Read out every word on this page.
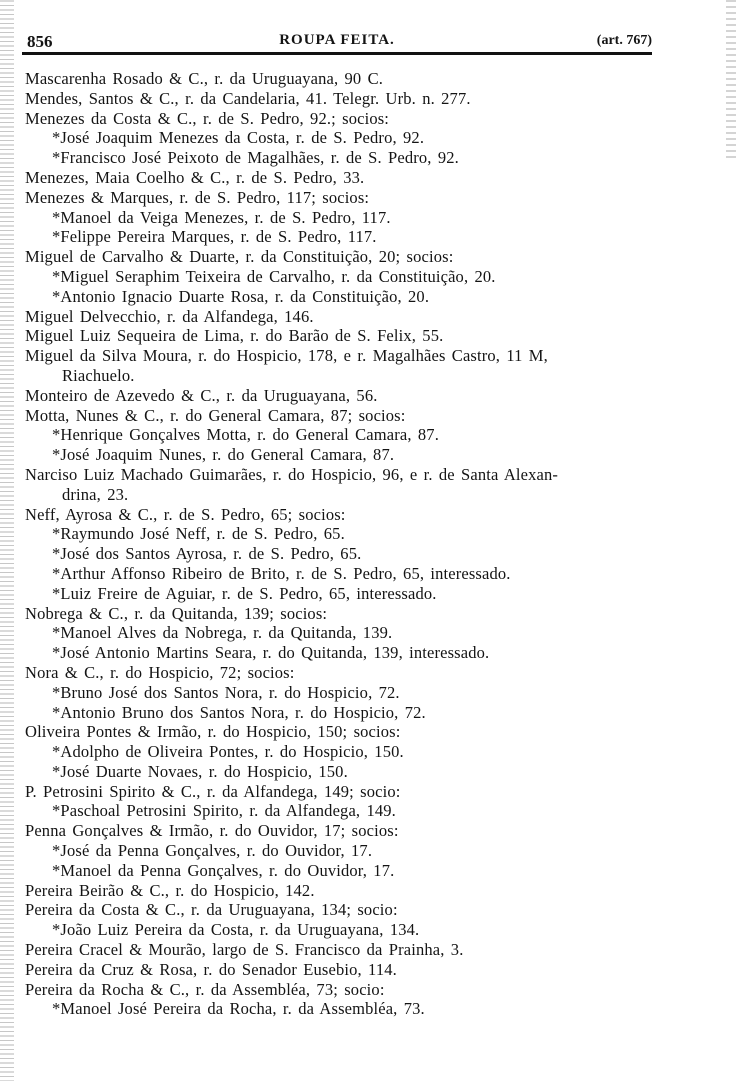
856	ROUPA FEITA.	(art. 767)
Mascarenha Rosado & C., r. da Uruguayana, 90 C.
Mendes, Santos & C., r. da Candelaria, 41. Telegr. Urb. n. 277.
Menezes da Costa & C., r. de S. Pedro, 92.; socios:
*José Joaquim Menezes da Costa, r. de S. Pedro, 92.
*Francisco José Peixoto de Magalhães, r. de S. Pedro, 92.
Menezes, Maia Coelho & C., r. de S. Pedro, 33.
Menezes & Marques, r. de S. Pedro, 117; socios:
*Manoel da Veiga Menezes, r. de S. Pedro, 117.
*Felippe Pereira Marques, r. de S. Pedro, 117.
Miguel de Carvalho & Duarte, r. da Constituição, 20; socios:
*Miguel Seraphim Teixeira de Carvalho, r. da Constituição, 20.
*Antonio Ignacio Duarte Rosa, r. da Constituição, 20.
Miguel Delvecchio, r. da Alfandega, 146.
Miguel Luiz Sequeira de Lima, r. do Barão de S. Felix, 55.
Miguel da Silva Moura, r. do Hospicio, 178, e r. Magalhães Castro, 11 M,
Riachuelo.
Monteiro de Azevedo & C., r. da Uruguayana, 56.
Motta, Nunes & C., r. do General Camara, 87; socios:
*Henrique Gonçalves Motta, r. do General Camara, 87.
*José Joaquim Nunes, r. do General Camara, 87.
Narciso Luiz Machado Guimarães, r. do Hospicio, 96, e r. de Santa Alexan-
drina, 23.
Neff, Ayrosa & C., r. de S. Pedro, 65; socios:
*Raymundo José Neff, r. de S. Pedro, 65.
*José dos Santos Ayrosa, r. de S. Pedro, 65.
*Arthur Affonso Ribeiro de Brito, r. de S. Pedro, 65, interessado.
*Luiz Freire de Aguiar, r. de S. Pedro, 65, interessado.
Nobrega & C., r. da Quitanda, 139; socios:
*Manoel Alves da Nobrega, r. da Quitanda, 139.
*José Antonio Martins Seara, r. do Quitanda, 139, interessado.
Nora & C., r. do Hospicio, 72; socios:
*Bruno José dos Santos Nora, r. do Hospicio, 72.
*Antonio Bruno dos Santos Nora, r. do Hospicio, 72.
Oliveira Pontes & Irmão, r. do Hospicio, 150; socios:
*Adolpho de Oliveira Pontes, r. do Hospicio, 150.
*José Duarte Novaes, r. do Hospicio, 150.
P. Petrosini Spirito & C., r. da Alfandega, 149; socio:
*Paschoal Petrosini Spirito, r. da Alfandega, 149.
Penna Gonçalves & Irmão, r. do Ouvidor, 17; socios:
*José da Penna Gonçalves, r. do Ouvidor, 17.
*Manoel da Penna Gonçalves, r. do Ouvidor, 17.
Pereira Beirão & C., r. do Hospicio, 142.
Pereira da Costa & C., r. da Uruguayana, 134; socio:
*João Luiz Pereira da Costa, r. da Uruguayana, 134.
Pereira Cracel & Mourão, largo de S. Francisco da Prainha, 3.
Pereira da Cruz & Rosa, r. do Senador Eusebio, 114.
Pereira da Rocha & C., r. da Assembléa, 73; socio:
*Manoel José Pereira da Rocha, r. da Assembléa, 73.
